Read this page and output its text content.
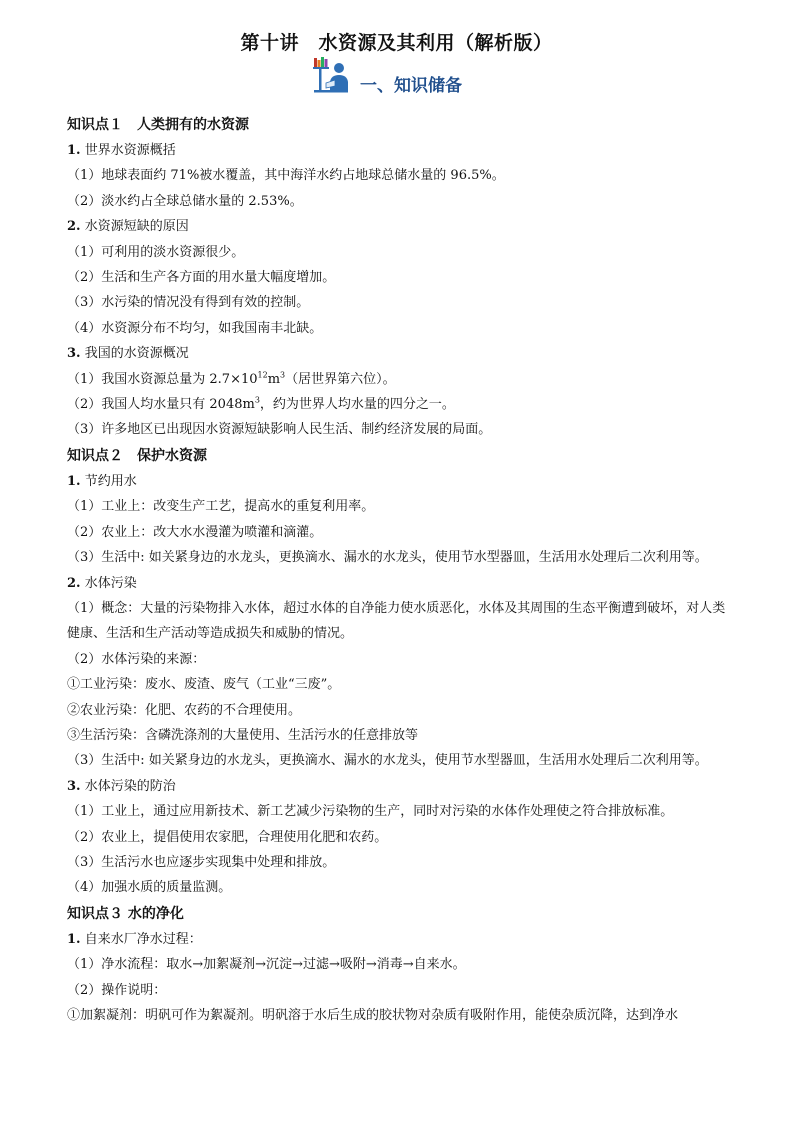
第十讲　水资源及其利用（解析版）
一、知识储备
知识点１　人类拥有的水资源
1. 世界水资源概括
（1）地球表面约 71%被水覆盖，其中海洋水约占地球总储水量的 96.5%。
（2）淡水约占全球总储水量的 2.53%。
2. 水资源短缺的原因
（1）可利用的淡水资源很少。
（2）生活和生产各方面的用水量大幅度增加。
（3）水污染的情况没有得到有效的控制。
（4）水资源分布不均匀，如我国南丰北缺。
3. 我国的水资源概况
（1）我国水资源总量为 $2.7\times 10^{12}m^3$（居世界第六位）。
（2）我国人均水量只有 $2048m^3$，约为世界人均水量的四分之一。
（3）许多地区已出现因水资源短缺影响人民生活、制约经济发展的局面。
知识点２　保护水资源
1. 节约用水
（1）工业上：改变生产工艺，提高水的重复利用率。
（2）农业上：改大水水漫灌为喷灌和滴灌。
（3）生活中: 如关紧身边的水龙头，更换滴水、漏水的水龙头，使用节水型器皿，生活用水处理后二次利用等。
2. 水体污染
（1）概念：大量的污染物排入水体，超过水体的自净能力使水质恶化，水体及其周围的生态平衡遭到破坏，对人类健康、生活和生产活动等造成损失和威胁的情况。
（2）水体污染的来源：
①工业污染：废水、废渣、废气（工业“三废”。
②农业污染：化肥、农药的不合理使用。
③生活污染：含磷洗涤剂的大量使用、生活污水的任意排放等
（3）生活中: 如关紧身边的水龙头，更换滴水、漏水的水龙头，使用节水型器皿，生活用水处理后二次利用等。
3. 水体污染的防治
（1）工业上，通过应用新技术、新工艺减少污染物的生产，同时对污染的水体作处理使之符合排放标准。
（2）农业上，提倡使用农家肥，合理使用化肥和农药。
（3）生活污水也应逐步实现集中处理和排放。
（4）加强水质的质量监测。
知识点３ 水的净化
1. 自来水厂净水过程：
（1）净水流程：取水→加絮凝剂→沉淀→过滤→吸附→消毒→自来水。
（2）操作说明：
①加絮凝剂：明矾可作为絮凝剂。明矾溶于水后生成的胶状物对杂质有吸附作用，能使杂质沉降，达到净水
